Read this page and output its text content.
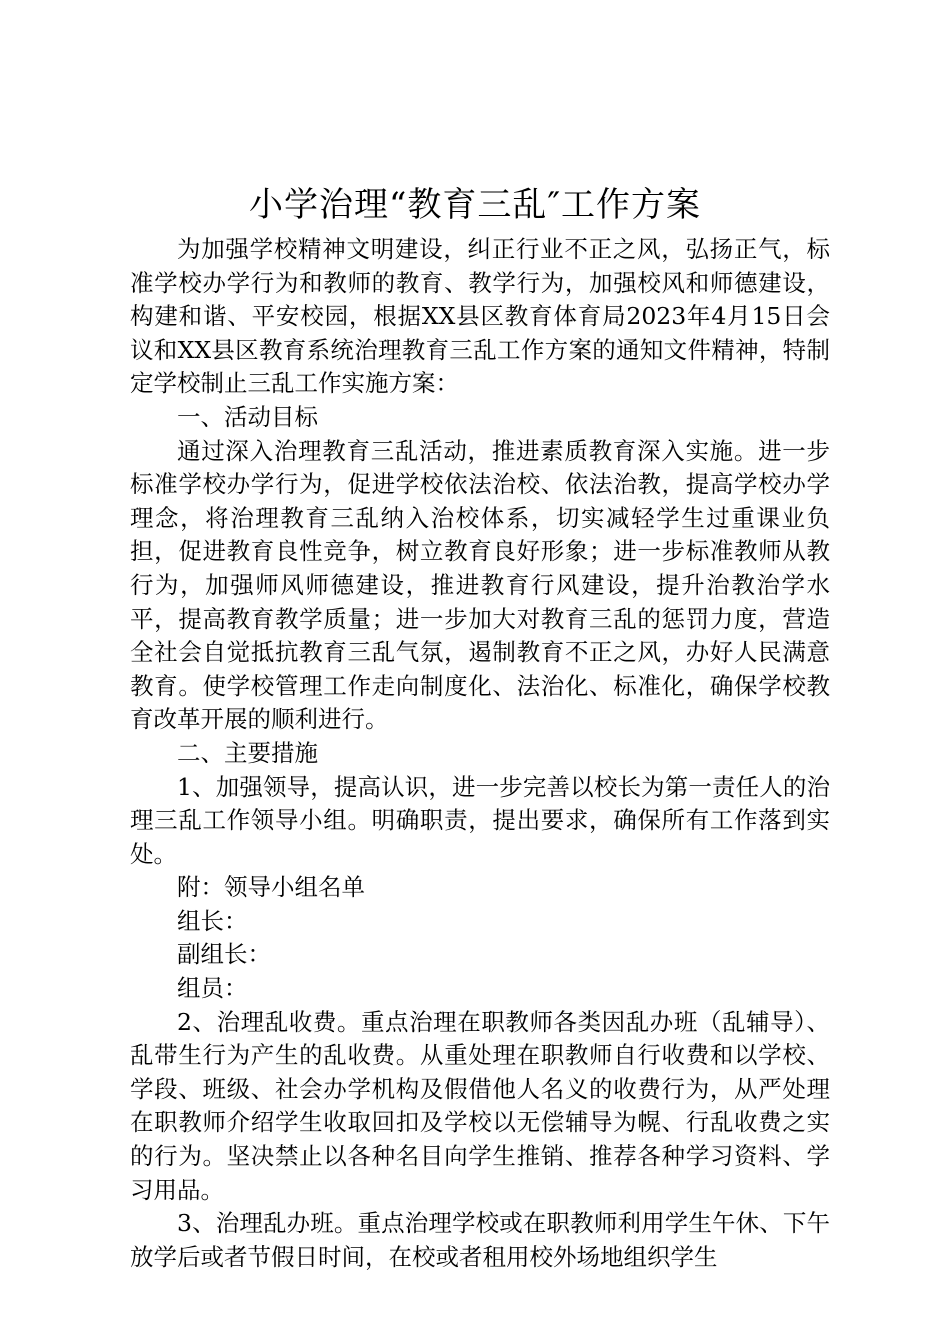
小学治理“教育三乱″工作方案

为加强学校精神文明建设，纠正行业不正之风，弘扬正气，标准学校办学行为和教师的教育、教学行为，加强校风和师德建设，构建和谐、平安校园，根据XX县区教育体育局2023年4月15日会议和XX县区教育系统治理教育三乱工作方案的通知文件精神，特制定学校制止三乱工作实施方案：

一、活动目标

通过深入治理教育三乱活动，推进素质教育深入实施。进一步标准学校办学行为，促进学校依法治校、依法治教，提高学校办学理念，将治理教育三乱纳入治校体系，切实减轻学生过重课业负担，促进教育良性竞争，树立教育良好形象；进一步标准教师从教行为，加强师风师德建设，推进教育行风建设，提升治教治学水平，提高教育教学质量；进一步加大对教育三乱的惩罚力度，营造全社会自觉抵抗教育三乱气氛，遏制教育不正之风，办好人民满意教育。使学校管理工作走向制度化、法治化、标准化，确保学校教育改革开展的顺利进行。

二、主要措施

1、加强领导，提高认识，进一步完善以校长为第一责任人的治理三乱工作领导小组。明确职责，提出要求，确保所有工作落到实处。

附：领导小组名单

组长：

副组长：

组员：

2、治理乱收费。重点治理在职教师各类因乱办班（乱辅导）、乱带生行为产生的乱收费。从重处理在职教师自行收费和以学校、学段、班级、社会办学机构及假借他人名义的收费行为，从严处理在职教师介绍学生收取回扣及学校以无偿辅导为幌、行乱收费之实的行为。坚决禁止以各种名目向学生推销、推荐各种学习资料、学习用品。

3、治理乱办班。重点治理学校或在职教师利用学生午休、下午放学后或者节假日时间，在校或者租用校外场地组织学生
